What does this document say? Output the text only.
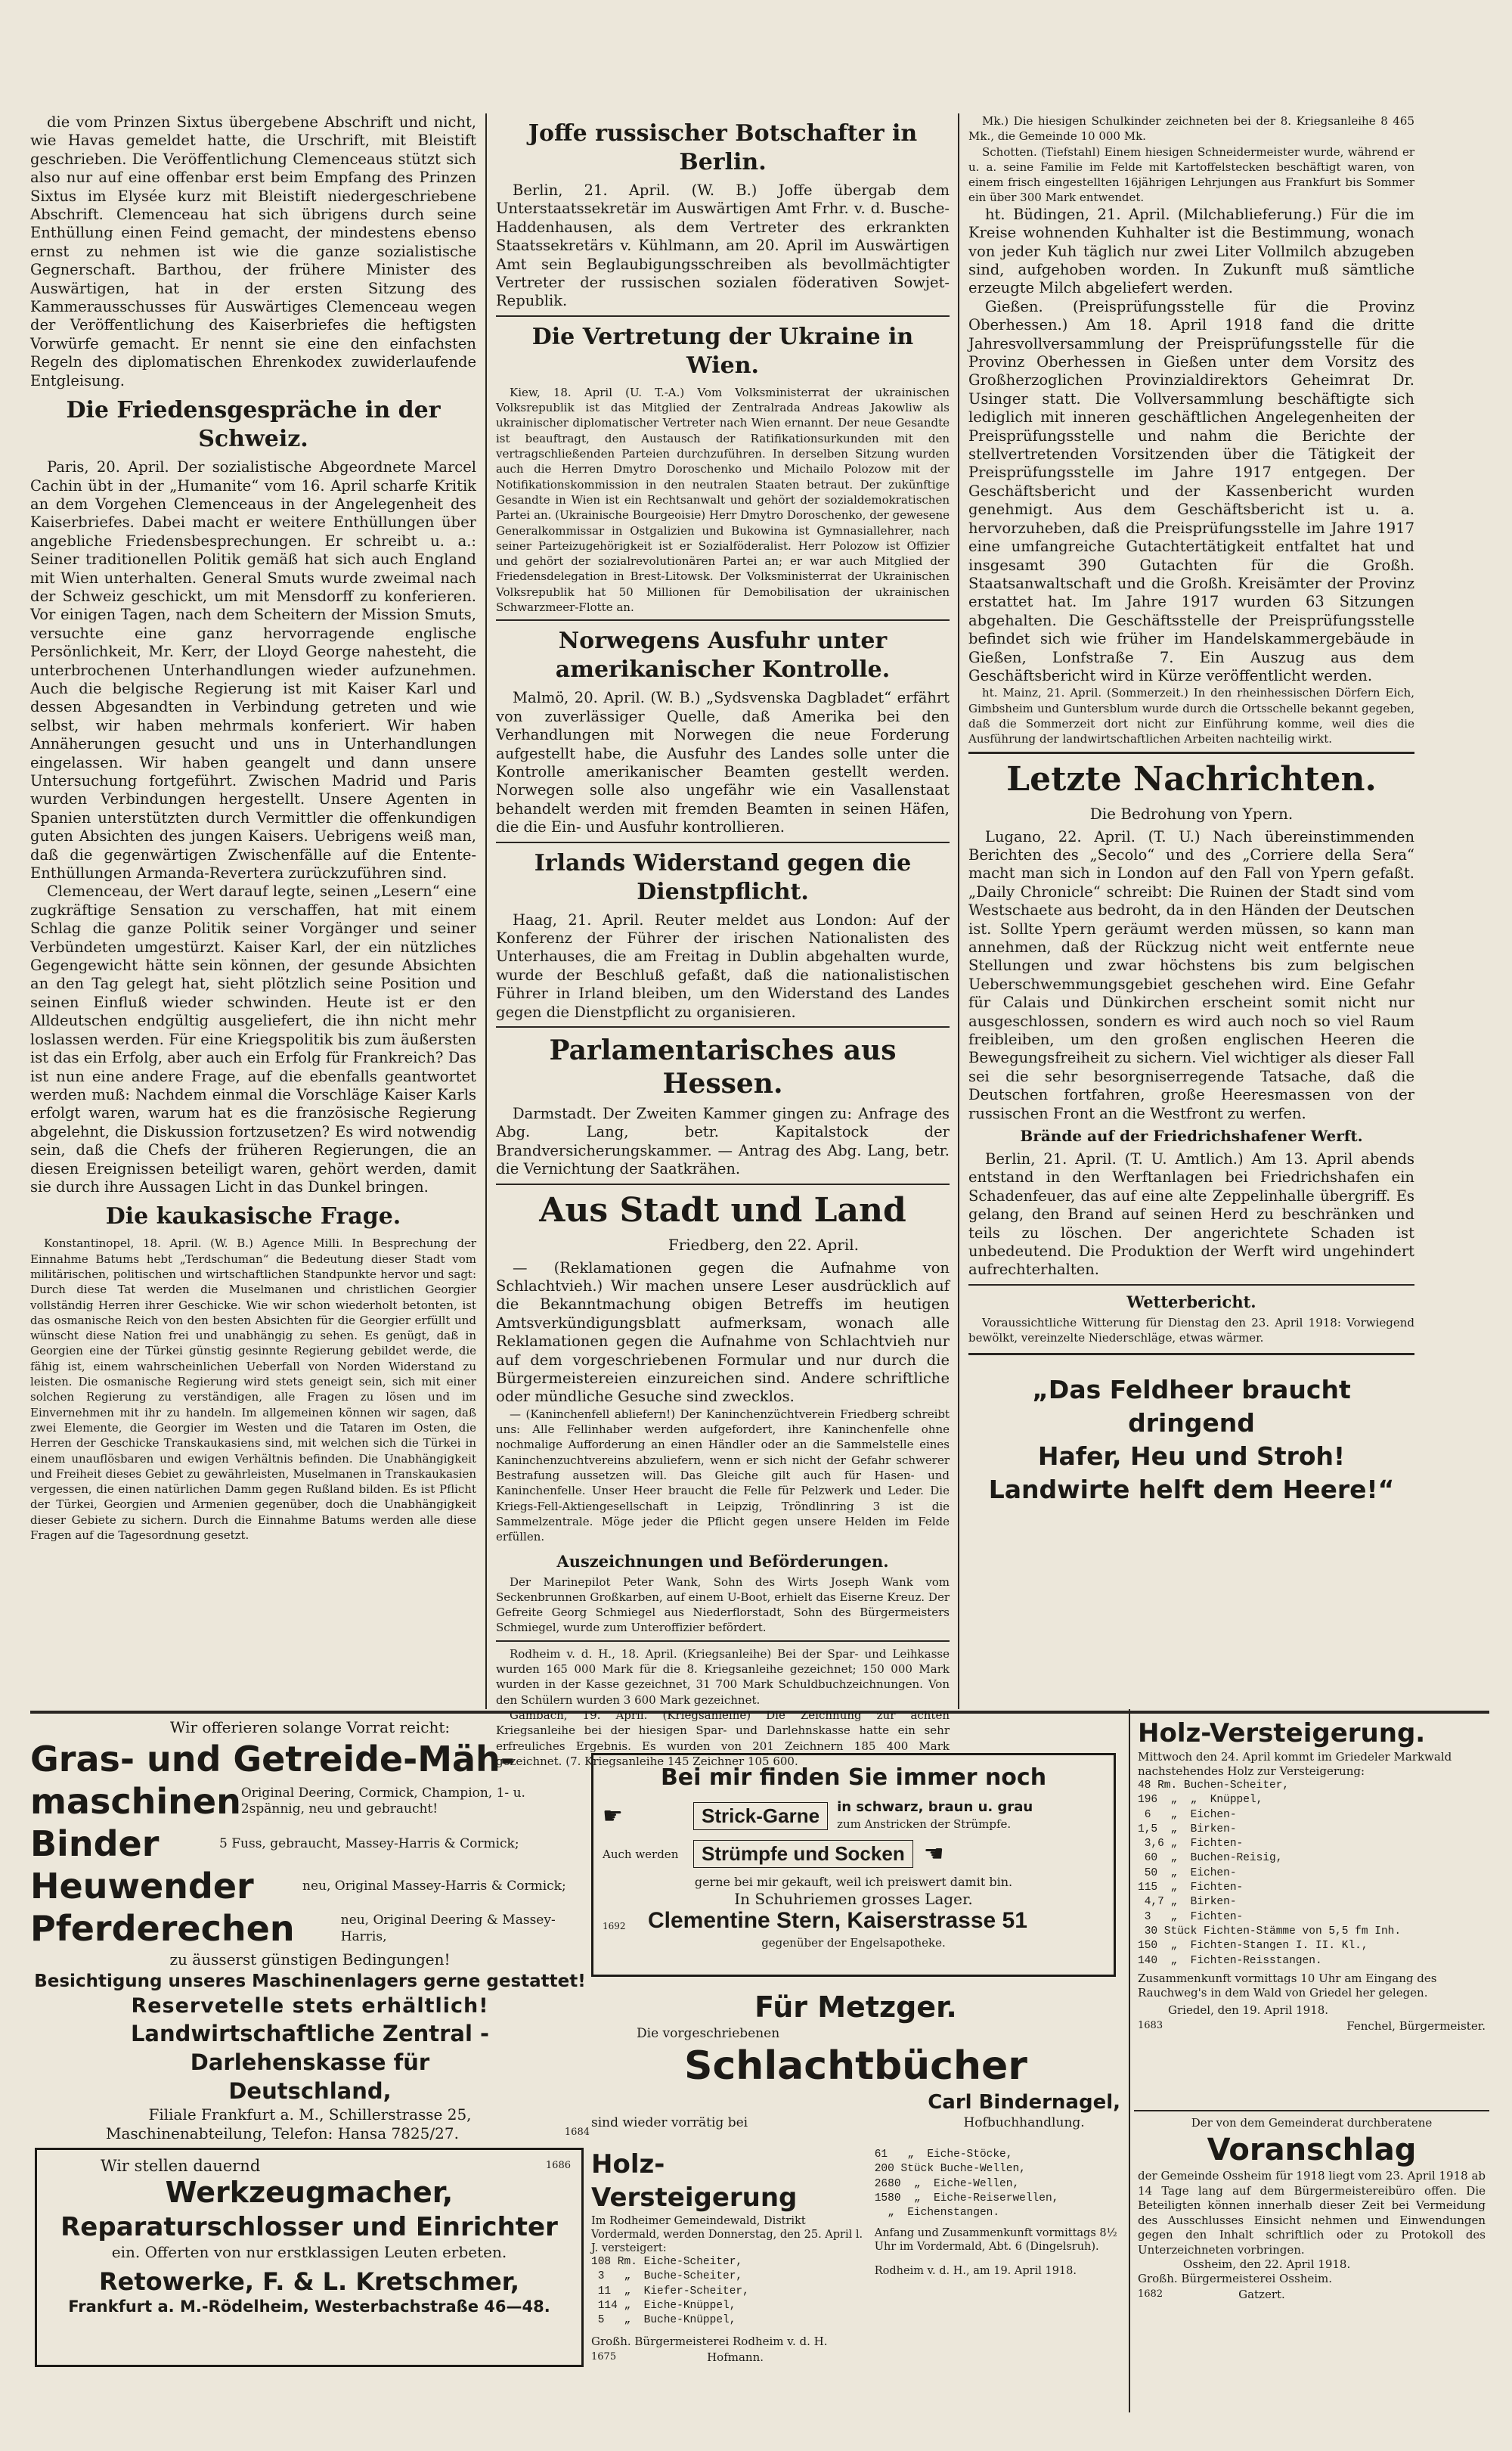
die vom Prinzen Sixtus übergebene Abschrift und nicht, wie Havas gemeldet hatte, die Urschrift, mit Bleistift geschrieben. Die Veröffentlichung Clemenceaus stützt sich also nur auf eine offenbar erst beim Empfang des Prinzen Sixtus im Elysée kurz mit Bleistift niedergeschriebene Abschrift. Clemenceau hat sich übrigens durch seine Enthüllung einen Feind gemacht, der mindestens ebenso ernst zu nehmen ist wie die ganze sozialistische Gegnerschaft. Barthou, der frühere Minister des Auswärtigen, hat in der ersten Sitzung des Kammerausschusses für Auswärtiges Clemenceau wegen der Veröffentlichung des Kaiserbriefes die heftigsten Vorwürfe gemacht. Er nennt sie eine den einfachsten Regeln des diplomatischen Ehrenkodex zuwiderlaufende Entgleisung.

Die Friedensgespräche in der Schweiz.

Paris, 20. April. Der sozialistische Abgeordnete Marcel Cachin übt in der „Humanite“ vom 16. April scharfe Kritik an dem Vorgehen Clemenceaus in der Angelegenheit des Kaiserbriefes. Dabei macht er weitere Enthüllungen über angebliche Friedensbesprechungen. Er schreibt u. a.: Seiner traditionellen Politik gemäß hat sich auch England mit Wien unterhalten. General Smuts wurde zweimal nach der Schweiz geschickt, um mit Mensdorff zu konferieren. Vor einigen Tagen, nach dem Scheitern der Mission Smuts, versuchte eine ganz hervorragende englische Persönlichkeit, Mr. Kerr, der Lloyd George nahesteht, die unterbrochenen Unterhandlungen wieder aufzunehmen. Auch die belgische Regierung ist mit Kaiser Karl und dessen Abgesandten in Verbindung getreten und wie selbst, wir haben mehrmals konferiert. Wir haben Annäherungen gesucht und uns in Unterhandlungen eingelassen. Wir haben geangelt und dann unsere Untersuchung fortgeführt. Zwischen Madrid und Paris wurden Verbindungen hergestellt. Unsere Agenten in Spanien unterstützten durch Vermittler die offenkundigen guten Absichten des jungen Kaisers. Uebrigens weiß man, daß die gegenwärtigen Zwischenfälle auf die Entente-Enthüllungen Armanda-Revertera zurückzuführen sind.

Clemenceau, der Wert darauf legte, seinen „Lesern“ eine zugkräftige Sensation zu verschaffen, hat mit einem Schlag die ganze Politik seiner Vorgänger und seiner Verbündeten umgestürzt. Kaiser Karl, der ein nützliches Gegengewicht hätte sein können, der gesunde Absichten an den Tag gelegt hat, sieht plötzlich seine Position und seinen Einfluß wieder schwinden. Heute ist er den Alldeutschen endgültig ausgeliefert, die ihn nicht mehr loslassen werden. Für eine Kriegspolitik bis zum äußersten ist das ein Erfolg, aber auch ein Erfolg für Frankreich? Das ist nun eine andere Frage, auf die ebenfalls geantwortet werden muß: Nachdem einmal die Vorschläge Kaiser Karls erfolgt waren, warum hat es die französische Regierung abgelehnt, die Diskussion fortzusetzen? Es wird notwendig sein, daß die Chefs der früheren Regierungen, die an diesen Ereignissen beteiligt waren, gehört werden, damit sie durch ihre Aussagen Licht in das Dunkel bringen.

Die kaukasische Frage.

Konstantinopel, 18. April. (W. B.) Agence Milli. In Besprechung der Einnahme Batums hebt „Terdschuman“ die Bedeutung dieser Stadt vom militärischen, politischen und wirtschaftlichen Standpunkte hervor und sagt: Durch diese Tat werden die Muselmanen und christlichen Georgier vollständig Herren ihrer Geschicke. Wie wir schon wiederholt betonten, ist das osmanische Reich von den besten Absichten für die Georgier erfüllt und wünscht diese Nation frei und unabhängig zu sehen. Es genügt, daß in Georgien eine der Türkei günstig gesinnte Regierung gebildet werde, die fähig ist, einem wahrscheinlichen Ueberfall von Norden Widerstand zu leisten. Die osmanische Regierung wird stets geneigt sein, sich mit einer solchen Regierung zu verständigen, alle Fragen zu lösen und im Einvernehmen mit ihr zu handeln. Im allgemeinen können wir sagen, daß zwei Elemente, die Georgier im Westen und die Tataren im Osten, die Herren der Geschicke Transkaukasiens sind, mit welchen sich die Türkei in einem unauflösbaren und ewigen Verhältnis befinden. Die Unabhängigkeit und Freiheit dieses Gebiet zu gewährleisten, Muselmanen in Transkaukasien vergessen, die einen natürlichen Damm gegen Rußland bilden. Es ist Pflicht der Türkei, Georgien und Armenien gegenüber, doch die Unabhängigkeit dieser Gebiete zu sichern. Durch die Einnahme Batums werden alle diese Fragen auf die Tagesordnung gesetzt.

Joffe russischer Botschafter in Berlin.

Berlin, 21. April. (W. B.) Joffe übergab dem Unterstaatssekretär im Auswärtigen Amt Frhr. v. d. Busche-Haddenhausen, als dem Vertreter des erkrankten Staatssekretärs v. Kühlmann, am 20. April im Auswärtigen Amt sein Beglaubigungsschreiben als bevollmächtigter Vertreter der russischen sozialen föderativen Sowjet-Republik.

Die Vertretung der Ukraine in Wien.

Kiew, 18. April (U. T.-A.) Vom Volksministerrat der ukrainischen Volksrepublik ist das Mitglied der Zentralrada Andreas Jakowliw als ukrainischer diplomatischer Vertreter nach Wien ernannt. Der neue Gesandte ist beauftragt, den Austausch der Ratifikationsurkunden mit den vertragschließenden Parteien durchzuführen. In derselben Sitzung wurden auch die Herren Dmytro Doroschenko und Michailo Polozow mit der Notifikationskommission in den neutralen Staaten betraut. Der zukünftige Gesandte in Wien ist ein Rechtsanwalt und gehört der sozialdemokratischen Partei an. (Ukrainische Bourgeoisie) Herr Dmytro Doroschenko, der gewesene Generalkommissar in Ostgalizien und Bukowina ist Gymnasiallehrer, nach seiner Parteizugehörigkeit ist er Sozialföderalist. Herr Polozow ist Offizier und gehört der sozialrevolutionären Partei an; er war auch Mitglied der Friedensdelegation in Brest-Litowsk. Der Volksministerrat der Ukrainischen Volksrepublik hat 50 Millionen für Demobilisation der ukrainischen Schwarzmeer-Flotte an.

Norwegens Ausfuhr unter amerikanischer Kontrolle.

Malmö, 20. April. (W. B.) „Sydsvenska Dagbladet“ erfährt von zuverlässiger Quelle, daß Amerika bei den Verhandlungen mit Norwegen die neue Forderung aufgestellt habe, die Ausfuhr des Landes solle unter die Kontrolle amerikanischer Beamten gestellt werden. Norwegen solle also ungefähr wie ein Vasallenstaat behandelt werden mit fremden Beamten in seinen Häfen, die die Ein- und Ausfuhr kontrollieren.

Irlands Widerstand gegen die Dienstpflicht.

Haag, 21. April. Reuter meldet aus London: Auf der Konferenz der Führer der irischen Nationalisten des Unterhauses, die am Freitag in Dublin abgehalten wurde, wurde der Beschluß gefaßt, daß die nationalistischen Führer in Irland bleiben, um den Widerstand des Landes gegen die Dienstpflicht zu organisieren.

Parlamentarisches aus Hessen.

Darmstadt. Der Zweiten Kammer gingen zu: Anfrage des Abg. Lang, betr. Kapitalstock der Brandversicherungskammer. — Antrag des Abg. Lang, betr. die Vernichtung der Saatkrähen.

Aus Stadt und Land
Friedberg, den 22. April.

— (Reklamationen gegen die Aufnahme von Schlachtvieh.) Wir machen unsere Leser ausdrücklich auf die Bekanntmachung obigen Betreffs im heutigen Amtsverkündigungsblatt aufmerksam, wonach alle Reklamationen gegen die Aufnahme von Schlachtvieh nur auf dem vorgeschriebenen Formular und nur durch die Bürgermeistereien einzureichen sind. Andere schriftliche oder mündliche Gesuche sind zwecklos.

— (Kaninchenfell abliefern!) Der Kaninchenzüchtverein Friedberg schreibt uns: Alle Fellinhaber werden aufgefordert, ihre Kaninchenfelle ohne nochmalige Aufforderung an einen Händler oder an die Sammelstelle eines Kaninchenzuchtvereins abzuliefern, wenn er sich nicht der Gefahr schwerer Bestrafung aussetzen will. Das Gleiche gilt auch für Hasen- und Kaninchenfelle. Unser Heer braucht die Felle für Pelzwerk und Leder. Die Kriegs-Fell-Aktiengesellschaft in Leipzig, Tröndlinring 3 ist die Sammelzentrale. Möge jeder die Pflicht gegen unsere Helden im Felde erfüllen.

Auszeichnungen und Beförderungen.

Der Marinepilot Peter Wank, Sohn des Wirts Joseph Wank vom Seckenbrunnen Großkarben, auf einem U-Boot, erhielt das Eiserne Kreuz. Der Gefreite Georg Schmiegel aus Niederflorstadt, Sohn des Bürgermeisters Schmiegel, wurde zum Unteroffizier befördert.

Rodheim v. d. H., 18. April. (Kriegsanleihe) Bei der Spar- und Leihkasse wurden 165 000 Mark für die 8. Kriegsanleihe gezeichnet; 150 000 Mark wurden in der Kasse gezeichnet, 31 700 Mark Schuldbuchzeichnungen. Von den Schülern wurden 3 600 Mark gezeichnet.

Gambach, 19. April. (Kriegsanleihe) Die Zeichnung zur achten Kriegsanleihe bei der hiesigen Spar- und Darlehnskasse hatte ein sehr erfreuliches Ergebnis. Es wurden von 201 Zeichnern 185 400 Mark gezeichnet. (7. Kriegsanleihe 145 Zeichner 105 600.

Mk.) Die hiesigen Schulkinder zeichneten bei der 8. Kriegsanleihe 8 465 Mk., die Gemeinde 10 000 Mk.

Schotten. (Tiefstahl) Einem hiesigen Schneidermeister wurde, während er u. a. seine Familie im Felde mit Kartoffelstecken beschäftigt waren, von einem frisch eingestellten 16jährigen Lehrjungen aus Frankfurt bis Sommer ein über 300 Mark entwendet.

ht. Büdingen, 21. April. (Milchablieferung.) Für die im Kreise wohnenden Kuhhalter ist die Bestimmung, wonach von jeder Kuh täglich nur zwei Liter Vollmilch abzugeben sind, aufgehoben worden. In Zukunft muß sämtliche erzeugte Milch abgeliefert werden.

Gießen. (Preisprüfungsstelle für die Provinz Oberhessen.) Am 18. April 1918 fand die dritte Jahresvollversammlung der Preisprüfungsstelle für die Provinz Oberhessen in Gießen unter dem Vorsitz des Großherzoglichen Provinzialdirektors Geheimrat Dr. Usinger statt. Die Vollversammlung beschäftigte sich lediglich mit inneren geschäftlichen Angelegenheiten der Preisprüfungsstelle und nahm die Berichte der stellvertretenden Vorsitzenden über die Tätigkeit der Preisprüfungsstelle im Jahre 1917 entgegen. Der Geschäftsbericht und der Kassenbericht wurden genehmigt. Aus dem Geschäftsbericht ist u. a. hervorzuheben, daß die Preisprüfungsstelle im Jahre 1917 eine umfangreiche Gutachtertätigkeit entfaltet hat und insgesamt 390 Gutachten für die Großh. Staatsanwaltschaft und die Großh. Kreisämter der Provinz erstattet hat. Im Jahre 1917 wurden 63 Sitzungen abgehalten. Die Geschäftsstelle der Preisprüfungsstelle befindet sich wie früher im Handelskammergebäude in Gießen, Lonfstraße 7. Ein Auszug aus dem Geschäftsbericht wird in Kürze veröffentlicht werden.

ht. Mainz, 21. April. (Sommerzeit.) In den rheinhessischen Dörfern Eich, Gimbsheim und Guntersblum wurde durch die Ortsschelle bekannt gegeben, daß die Sommerzeit dort nicht zur Einführung komme, weil dies die Ausführung der landwirtschaftlichen Arbeiten nachteilig wirkt.

Letzte Nachrichten.
Die Bedrohung von Ypern.

Lugano, 22. April. (T. U.) Nach übereinstimmenden Berichten des „Secolo“ und des „Corriere della Sera“ macht man sich in London auf den Fall von Ypern gefaßt. „Daily Chronicle“ schreibt: Die Ruinen der Stadt sind vom Westschaete aus bedroht, da in den Händen der Deutschen ist. Sollte Ypern geräumt werden müssen, so kann man annehmen, daß der Rückzug nicht weit entfernte neue Stellungen und zwar höchstens bis zum belgischen Ueberschwemmungsgebiet geschehen wird. Eine Gefahr für Calais und Dünkirchen erscheint somit nicht nur ausgeschlossen, sondern es wird auch noch so viel Raum freibleiben, um den großen englischen Heeren die Bewegungsfreiheit zu sichern. Viel wichtiger als dieser Fall sei die sehr besorgniserregende Tatsache, daß die Deutschen fortfahren, große Heeresmassen von der russischen Front an die Westfront zu werfen.

Brände auf der Friedrichshafener Werft.

Berlin, 21. April. (T. U. Amtlich.) Am 13. April abends entstand in den Werftanlagen bei Friedrichshafen ein Schadenfeuer, das auf eine alte Zeppelinhalle übergriff. Es gelang, den Brand auf seinen Herd zu beschränken und teils zu löschen. Der angerichtete Schaden ist unbedeutend. Die Produktion der Werft wird ungehindert aufrechterhalten.

Wetterbericht.

Voraussichtliche Witterung für Dienstag den 23. April 1918: Vorwiegend bewölkt, vereinzelte Niederschläge, etwas wärmer.

„Das Feldheer braucht dringend
Hafer, Heu und Stroh!
Landwirte helft dem Heere!“
Wir offerieren solange Vorrat reicht:
Gras- und Getreide-Mäh-
maschinen Original Deering, Cormick, Champion, 1- u. 2spännig, neu und gebraucht!
Binder	5 Fuss, gebraucht, Massey-Harris & Cormick;
Heuwender	neu, Original Massey-Harris & Cormick;
Pferderechen	neu, Original Deering & Massey-Harris,
zu äusserst günstigen Bedingungen!
Besichtigung unseres Maschinenlagers gerne gestattet!
Reservetelle stets erhältlich!
Landwirtschaftliche Zentral - Darlehenskasse für
Deutschland,
Filiale Frankfurt a. M., Schillerstrasse 25,
Maschinenabteilung, Telefon: Hansa 7825/27.	1684
Bei mir finden Sie immer noch
☛	Strick-Garne	in schwarz, braun u. grau
zum Anstricken der Strümpfe.
Auch werden	Strümpfe und Socken ☚
gerne bei mir gekauft, weil ich preiswert damit bin.
In Schuhriemen grosses Lager.
1692 Clementine Stern, Kaiserstrasse 51
gegenüber der Engelsapotheke.
Für Metzger.
Die vorgeschriebenen
Schlachtbücher
sind wieder vorrätig bei
Carl Bindernagel,
Hofbuchhandlung.
Wir stellen dauernd	1686
Werkzeugmacher,
Reparaturschlosser und Einrichter
ein. Offerten von nur erstklassigen Leuten erbeten.
Retowerke, F. & L. Kretschmer,
Frankfurt a. M.-Rödelheim, Westerbachstraße 46—48.
Holz-Versteigerung
Im Rodheimer Gemeindewald, Distrikt Vordermald, werden Donnerstag, den 25. April l. J. versteigert:
108 Rm. Eiche-Scheiter,
3   „  Buche-Scheiter,
11  „  Kiefer-Scheiter,
114 „  Eiche-Knüppel,
5   „  Buche-Knüppel,
61   „  Eiche-Stöcke,
200 Stück Buche-Wellen,
2680  „  Eiche-Wellen,
1580  „  Eiche-Reiserwellen,
„  Eichenstangen.
Anfang und Zusammenkunft vormittags 8½ Uhr im Vordermald, Abt. 6 (Dingelsruh).
Rodheim v. d. H., am 19. April 1918.
Großh. Bürgermeisterei Rodheim v. d. H.
1675	Hofmann.
Holz-Versteigerung.
Mittwoch den 24. April kommt im Griedeler Markwald nachstehendes Holz zur Versteigerung:
48 Rm. Buchen-Scheiter,
196  „  „  Knüppel,
6   „  Eichen-
1,5  „  Birken-
3,6 „  Fichten-
60  „  Buchen-Reisig,
50  „  Eichen-
115  „  Fichten-
4,7 „  Birken-
3   „  Fichten-
30 Stück Fichten-Stämme von 5,5 fm Inh.
150  „  Fichten-Stangen I. II. Kl.,
140  „  Fichten-Reisstangen.
Zusammenkunft vormittags 10 Uhr am Eingang des Rauchweg's in dem Wald von Griedel her gelegen.
Griedel, den 19. April 1918.
1683	Fenchel, Bürgermeister.
Der von dem Gemeinderat durchberatene
Voranschlag
der Gemeinde Ossheim für 1918 liegt vom 23. April 1918 ab 14 Tage lang auf dem Bürgermeistereibüro offen. Die Beteiligten können innerhalb dieser Zeit bei Vermeidung des Ausschlusses Einsicht nehmen und Einwendungen gegen den Inhalt schriftlich oder zu Protokoll des Unterzeichneten vorbringen.
Ossheim, den 22. April 1918.
Großh. Bürgermeisterei Ossheim.
1682	Gatzert.
